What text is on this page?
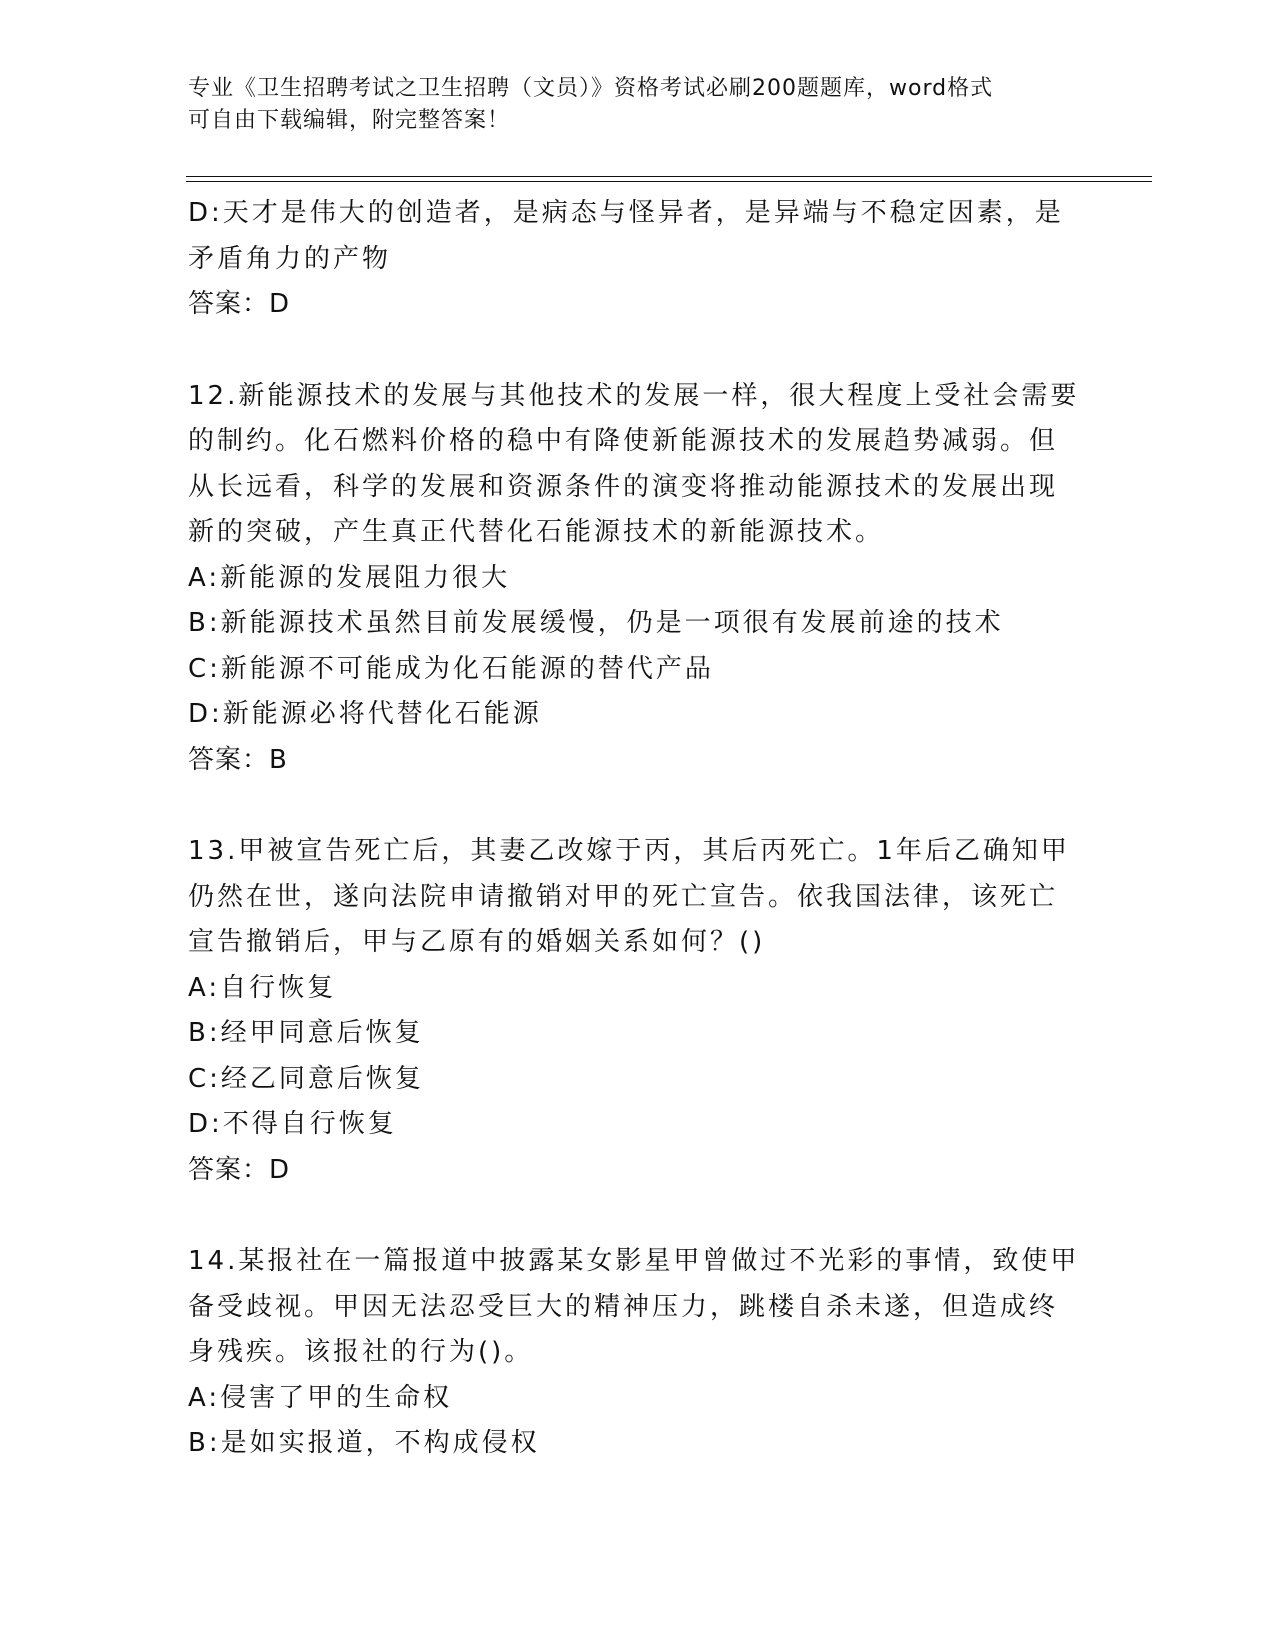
专业《卫生招聘考试之卫生招聘（文员）》资格考试必刷200题题库，word格式
可自由下载编辑，附完整答案！
D:天才是伟大的创造者，是病态与怪异者，是异端与不稳定因素，是
矛盾角力的产物
答案：D
12.新能源技术的发展与其他技术的发展一样，很大程度上受社会需要
的制约。化石燃料价格的稳中有降使新能源技术的发展趋势减弱。但
从长远看，科学的发展和资源条件的演变将推动能源技术的发展出现
新的突破，产生真正代替化石能源技术的新能源技术。
A:新能源的发展阻力很大
B:新能源技术虽然目前发展缓慢，仍是一项很有发展前途的技术
C:新能源不可能成为化石能源的替代产品
D:新能源必将代替化石能源
答案：B
13.甲被宣告死亡后，其妻乙改嫁于丙，其后丙死亡。1年后乙确知甲
仍然在世，遂向法院申请撤销对甲的死亡宣告。依我国法律，该死亡
宣告撤销后，甲与乙原有的婚姻关系如何？()
A:自行恢复
B:经甲同意后恢复
C:经乙同意后恢复
D:不得自行恢复
答案：D
14.某报社在一篇报道中披露某女影星甲曾做过不光彩的事情，致使甲
备受歧视。甲因无法忍受巨大的精神压力，跳楼自杀未遂，但造成终
身残疾。该报社的行为()。
A:侵害了甲的生命权
B:是如实报道，不构成侵权
